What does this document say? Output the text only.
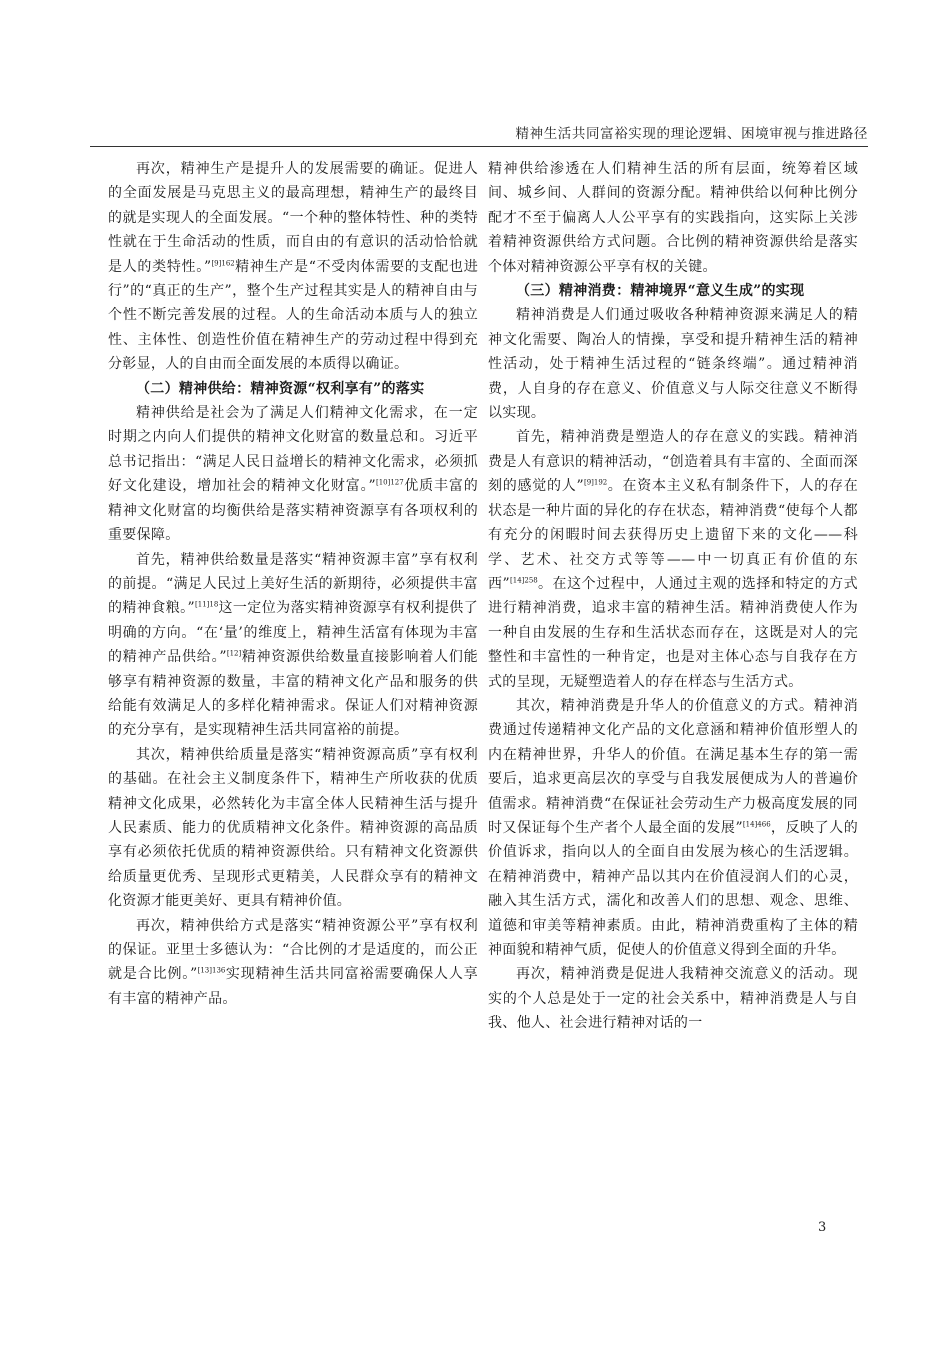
精神生活共同富裕实现的理论逻辑、困境审视与推进路径

再次，精神生产是提升人的发展需要的确证。促进人的全面发展是马克思主义的最高理想，精神生产的最终目的就是实现人的全面发展。“一个种的整体特性、种的类特性就在于生命活动的性质，而自由的有意识的活动恰恰就是人的类特性。”$^{[9]162}$精神生产是“不受肉体需要的支配也进行”的“真正的生产”，整个生产过程其实是人的精神自由与个性不断完善发展的过程。人的生命活动本质与人的独立性、主体性、创造性价值在精神生产的劳动过程中得到充分彰显，人的自由而全面发展的本质得以确证。

（二）精神供给：精神资源“权利享有”的落实

精神供给是社会为了满足人们精神文化需求，在一定时期之内向人们提供的精神文化财富的数量总和。习近平总书记指出：“满足人民日益增长的精神文化需求，必须抓好文化建设，增加社会的精神文化财富。”$^{[10]127}$优质丰富的精神文化财富的均衡供给是落实精神资源享有各项权利的重要保障。

首先，精神供给数量是落实“精神资源丰富”享有权利的前提。“满足人民过上美好生活的新期待，必须提供丰富的精神食粮。”$^{[11]18}$这一定位为落实精神资源享有权利提供了明确的方向。“在‘量’的维度上，精神生活富有体现为丰富的精神产品供给。”[12]精神资源供给数量直接影响着人们能够享有精神资源的数量，丰富的精神文化产品和服务的供给能有效满足人的多样化精神需求。保证人们对精神资源的充分享有，是实现精神生活共同富裕的前提。

其次，精神供给质量是落实“精神资源高质”享有权利的基础。在社会主义制度条件下，精神生产所收获的优质精神文化成果，必然转化为丰富全体人民精神生活与提升人民素质、能力的优质精神文化条件。精神资源的高品质享有必须依托优质的精神资源供给。只有精神文化资源供给质量更优秀、呈现形式更精美，人民群众享有的精神文化资源才能更美好、更具有精神价值。

再次，精神供给方式是落实“精神资源公平”享有权利的保证。亚里士多德认为：“合比例的才是适度的，而公正就是合比例。”$^{[13]136}$实现精神生活共同富裕需要确保人人享有丰富的精神产品。

精神供给渗透在人们精神生活的所有层面，统筹着区域间、城乡间、人群间的资源分配。精神供给以何种比例分配才不至于偏离人人公平享有的实践指向，这实际上关涉着精神资源供给方式问题。合比例的精神资源供给是落实个体对精神资源公平享有权的关键。

（三）精神消费：精神境界“意义生成”的实现

精神消费是人们通过吸收各种精神资源来满足人的精神文化需要、陶冶人的情操，享受和提升精神生活的精神性活动，处于精神生活过程的“链条终端”。通过精神消费，人自身的存在意义、价值意义与人际交往意义不断得以实现。

首先，精神消费是塑造人的存在意义的实践。精神消费是人有意识的精神活动，“创造着具有丰富的、全面而深刻的感觉的人”$^{[9]192}$。在资本主义私有制条件下，人的存在状态是一种片面的异化的存在状态，精神消费“使每个人都有充分的闲暇时间去获得历史上遗留下来的文化——科学、艺术、社交方式等等——中一切真正有价值的东西”$^{[14]258}$。在这个过程中，人通过主观的选择和特定的方式进行精神消费，追求丰富的精神生活。精神消费使人作为一种自由发展的生存和生活状态而存在，这既是对人的完整性和丰富性的一种肯定，也是对主体心态与自我存在方式的呈现，无疑塑造着人的存在样态与生活方式。

其次，精神消费是升华人的价值意义的方式。精神消费通过传递精神文化产品的文化意涵和精神价值形塑人的内在精神世界，升华人的价值。在满足基本生存的第一需要后，追求更高层次的享受与自我发展便成为人的普遍价值需求。精神消费“在保证社会劳动生产力极高度发展的同时又保证每个生产者个人最全面的发展”$^{[14]466}$，反映了人的价值诉求，指向以人的全面自由发展为核心的生活逻辑。在精神消费中，精神产品以其内在价值浸润人们的心灵，融入其生活方式，濡化和改善人们的思想、观念、思维、道德和审美等精神素质。由此，精神消费重构了主体的精神面貌和精神气质，促使人的价值意义得到全面的升华。

再次，精神消费是促进人我精神交流意义的活动。现实的个人总是处于一定的社会关系中，精神消费是人与自我、他人、社会进行精神对话的一

3
